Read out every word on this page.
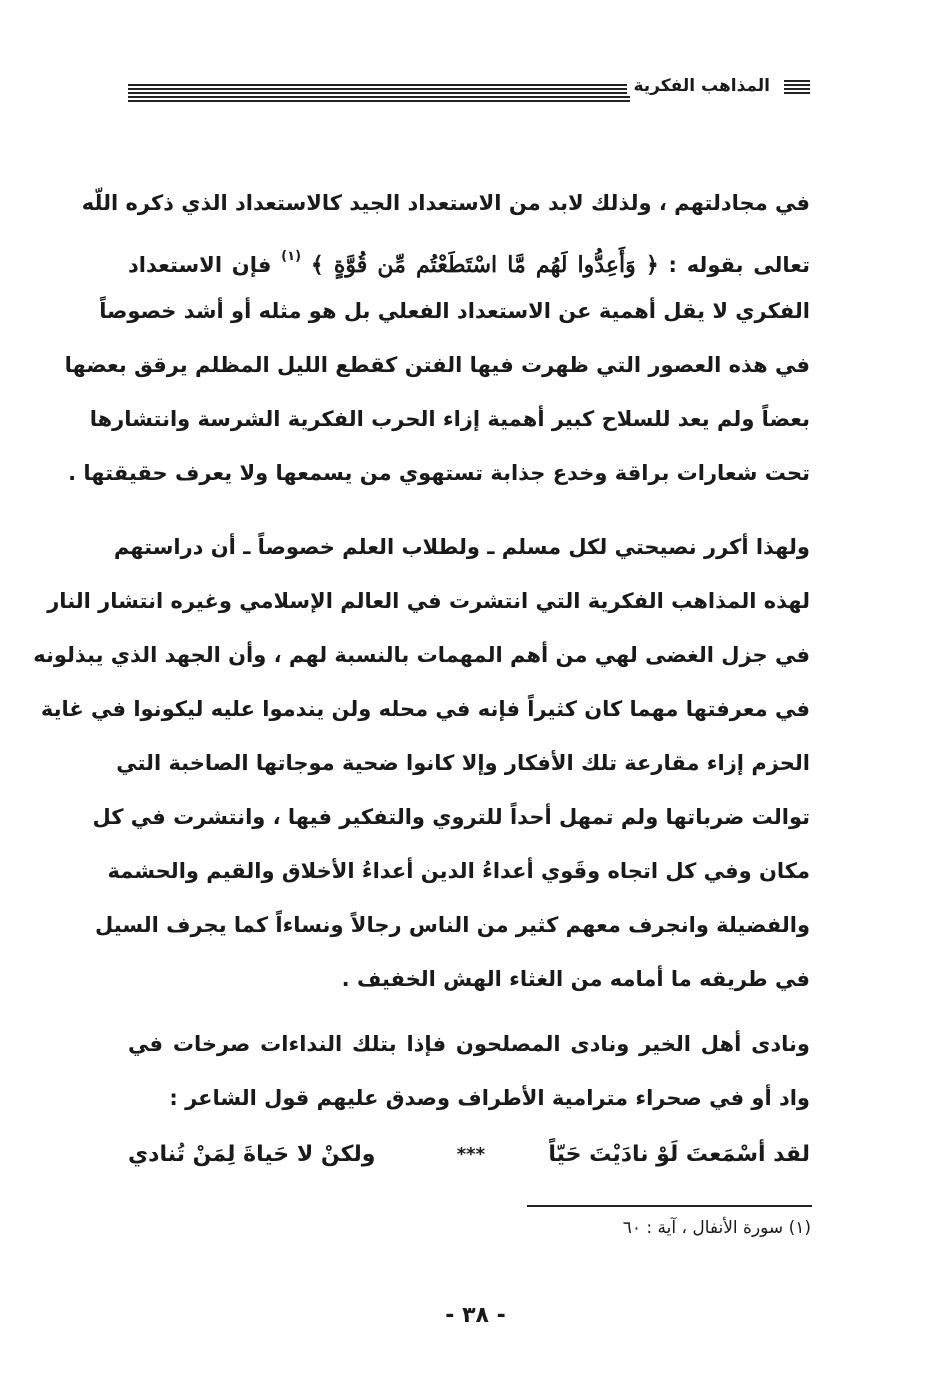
المذاهب الفكرية
في مجادلتهم ، ولذلك لابد من الاستعداد الجيد كالاستعداد الذي ذكره اللّه
تعالى بقوله : ﴿ وَأَعِدُّوا لَهُم مَّا اسْتَطَعْتُم مِّن قُوَّةٍ ﴾ $^{(١)}$ فإن الاستعداد
الفكري لا يقل أهمية عن الاستعداد الفعلي بل هو مثله أو أشد خصوصاً
في هذه العصور التي ظهرت فيها الفتن كقطع الليل المظلم يرقق بعضها
بعضاً ولم يعد للسلاح كبير أهمية إزاء الحرب الفكرية الشرسة وانتشارها
تحت شعارات براقة وخدع جذابة تستهوي من يسمعها ولا يعرف حقيقتها .
ولهذا أكرر نصيحتي لكل مسلم ـ ولطلاب العلم خصوصاً ـ أن دراستهم
لهذه المذاهب الفكرية التي انتشرت في العالم الإسلامي وغيره انتشار النار
في جزل الغضى لهي من أهم المهمات بالنسبة لهم ، وأن الجهد الذي يبذلونه
في معرفتها مهما كان كثيراً فإنه في محله ولن يندموا عليه ليكونوا في غاية
الحزم إزاء مقارعة تلك الأفكار وإلا كانوا ضحية موجاتها الصاخبة التي
توالت ضرباتها ولم تمهل أحداً للتروي والتفكير فيها ، وانتشرت في كل
مكان وفي كل اتجاه وقَوي أعداءُ الدين أعداءُ الأخلاق والقيم والحشمة
والفضيلة وانجرف معهم كثير من الناس رجالاً ونساءاً كما يجرف السيل
في طريقه ما أمامه من الغثاء الهش الخفيف .
ونادى أهل الخير ونادى المصلحون فإذا بتلك النداءات صرخات في
واد أو في صحراء مترامية الأطراف وصدق عليهم قول الشاعر :
لقد أسْمَعتَ لَوْ نادَيْتَ حَيّاً
***
ولكنْ لا حَياةَ لِمَنْ تُنادي
(١) سورة الأنفال ، آية : ٦٠
- ٣٨ -
